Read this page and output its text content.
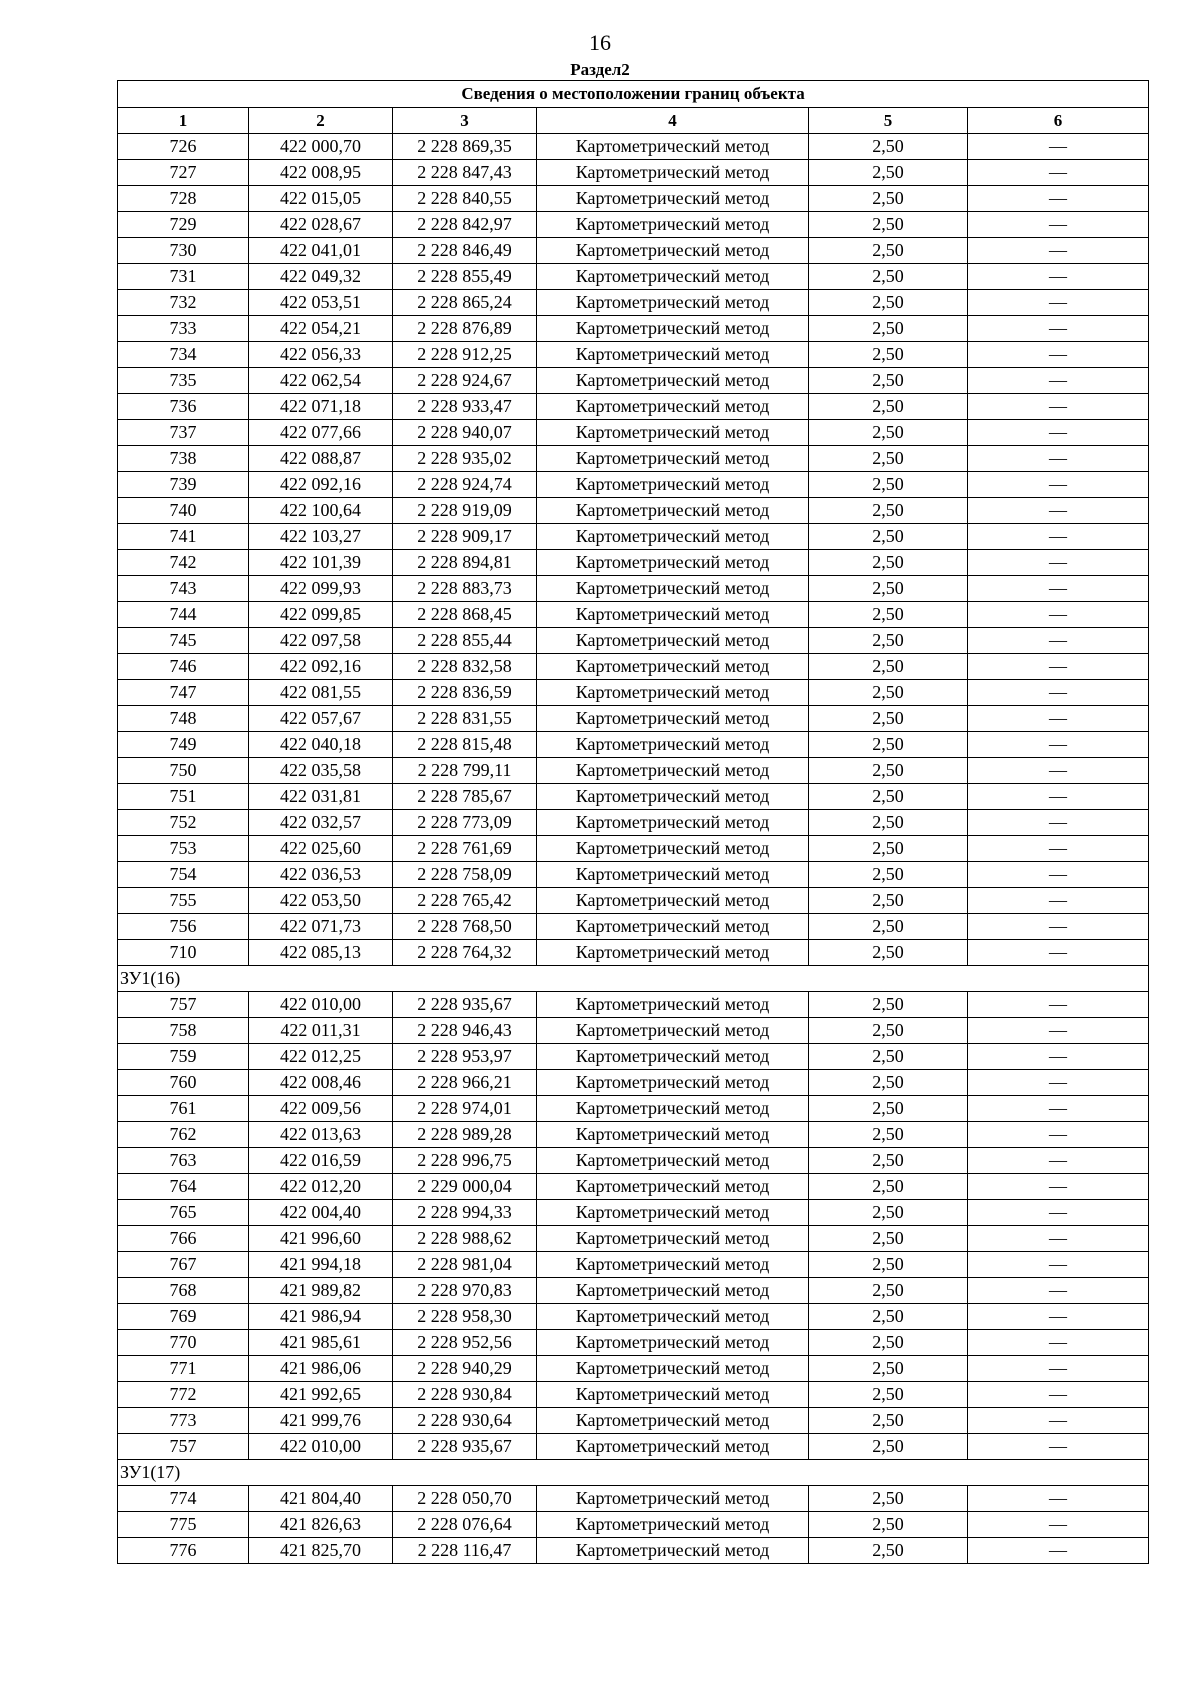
16
Раздел2
Сведения о местоположении границ объекта					
1	2	3	4	5	6
726	422 000,70	2 228 869,35	Картометрический метод	2,50	—
727	422 008,95	2 228 847,43	Картометрический метод	2,50	—
728	422 015,05	2 228 840,55	Картометрический метод	2,50	—
729	422 028,67	2 228 842,97	Картометрический метод	2,50	—
730	422 041,01	2 228 846,49	Картометрический метод	2,50	—
731	422 049,32	2 228 855,49	Картометрический метод	2,50	—
732	422 053,51	2 228 865,24	Картометрический метод	2,50	—
733	422 054,21	2 228 876,89	Картометрический метод	2,50	—
734	422 056,33	2 228 912,25	Картометрический метод	2,50	—
735	422 062,54	2 228 924,67	Картометрический метод	2,50	—
736	422 071,18	2 228 933,47	Картометрический метод	2,50	—
737	422 077,66	2 228 940,07	Картометрический метод	2,50	—
738	422 088,87	2 228 935,02	Картометрический метод	2,50	—
739	422 092,16	2 228 924,74	Картометрический метод	2,50	—
740	422 100,64	2 228 919,09	Картометрический метод	2,50	—
741	422 103,27	2 228 909,17	Картометрический метод	2,50	—
742	422 101,39	2 228 894,81	Картометрический метод	2,50	—
743	422 099,93	2 228 883,73	Картометрический метод	2,50	—
744	422 099,85	2 228 868,45	Картометрический метод	2,50	—
745	422 097,58	2 228 855,44	Картометрический метод	2,50	—
746	422 092,16	2 228 832,58	Картометрический метод	2,50	—
747	422 081,55	2 228 836,59	Картометрический метод	2,50	—
748	422 057,67	2 228 831,55	Картометрический метод	2,50	—
749	422 040,18	2 228 815,48	Картометрический метод	2,50	—
750	422 035,58	2 228 799,11	Картометрический метод	2,50	—
751	422 031,81	2 228 785,67	Картометрический метод	2,50	—
752	422 032,57	2 228 773,09	Картометрический метод	2,50	—
753	422 025,60	2 228 761,69	Картометрический метод	2,50	—
754	422 036,53	2 228 758,09	Картометрический метод	2,50	—
755	422 053,50	2 228 765,42	Картометрический метод	2,50	—
756	422 071,73	2 228 768,50	Картометрический метод	2,50	—
710	422 085,13	2 228 764,32	Картометрический метод	2,50	—
ЗУ1(16)					
757	422 010,00	2 228 935,67	Картометрический метод	2,50	—
758	422 011,31	2 228 946,43	Картометрический метод	2,50	—
759	422 012,25	2 228 953,97	Картометрический метод	2,50	—
760	422 008,46	2 228 966,21	Картометрический метод	2,50	—
761	422 009,56	2 228 974,01	Картометрический метод	2,50	—
762	422 013,63	2 228 989,28	Картометрический метод	2,50	—
763	422 016,59	2 228 996,75	Картометрический метод	2,50	—
764	422 012,20	2 229 000,04	Картометрический метод	2,50	—
765	422 004,40	2 228 994,33	Картометрический метод	2,50	—
766	421 996,60	2 228 988,62	Картометрический метод	2,50	—
767	421 994,18	2 228 981,04	Картометрический метод	2,50	—
768	421 989,82	2 228 970,83	Картометрический метод	2,50	—
769	421 986,94	2 228 958,30	Картометрический метод	2,50	—
770	421 985,61	2 228 952,56	Картометрический метод	2,50	—
771	421 986,06	2 228 940,29	Картометрический метод	2,50	—
772	421 992,65	2 228 930,84	Картометрический метод	2,50	—
773	421 999,76	2 228 930,64	Картометрический метод	2,50	—
757	422 010,00	2 228 935,67	Картометрический метод	2,50	—
ЗУ1(17)					
774	421 804,40	2 228 050,70	Картометрический метод	2,50	—
775	421 826,63	2 228 076,64	Картометрический метод	2,50	—
776	421 825,70	2 228 116,47	Картометрический метод	2,50	—
